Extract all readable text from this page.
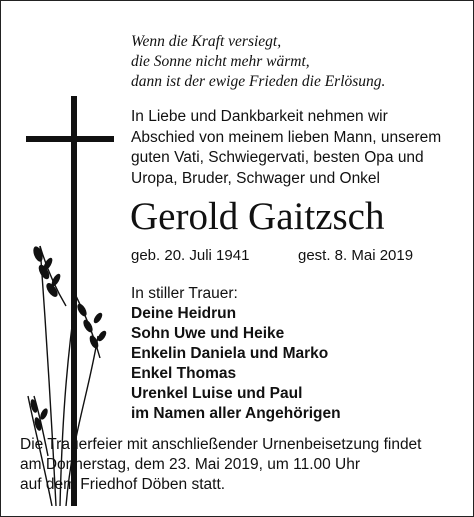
Wenn die Kraft versiegt,
die Sonne nicht mehr wärmt,
dann ist der ewige Frieden die Erlösung.
In Liebe und Dankbarkeit nehmen wir
Abschied von meinem lieben Mann, unserem
guten Vati, Schwiegervati, besten Opa und
Uropa, Bruder, Schwager und Onkel
Gerold Gaitzsch
geb. 20. Juli 1941	gest. 8. Mai 2019
In stiller Trauer:
Deine Heidrun
Sohn Uwe und Heike
Enkelin Daniela und Marko
Enkel Thomas
Urenkel Luise und Paul
im Namen aller Angehörigen
Die Trauerfeier mit anschließender Urnenbeisetzung findet
am Donnerstag, dem 23. Mai 2019, um 11.00 Uhr
auf dem Friedhof Döben statt.
